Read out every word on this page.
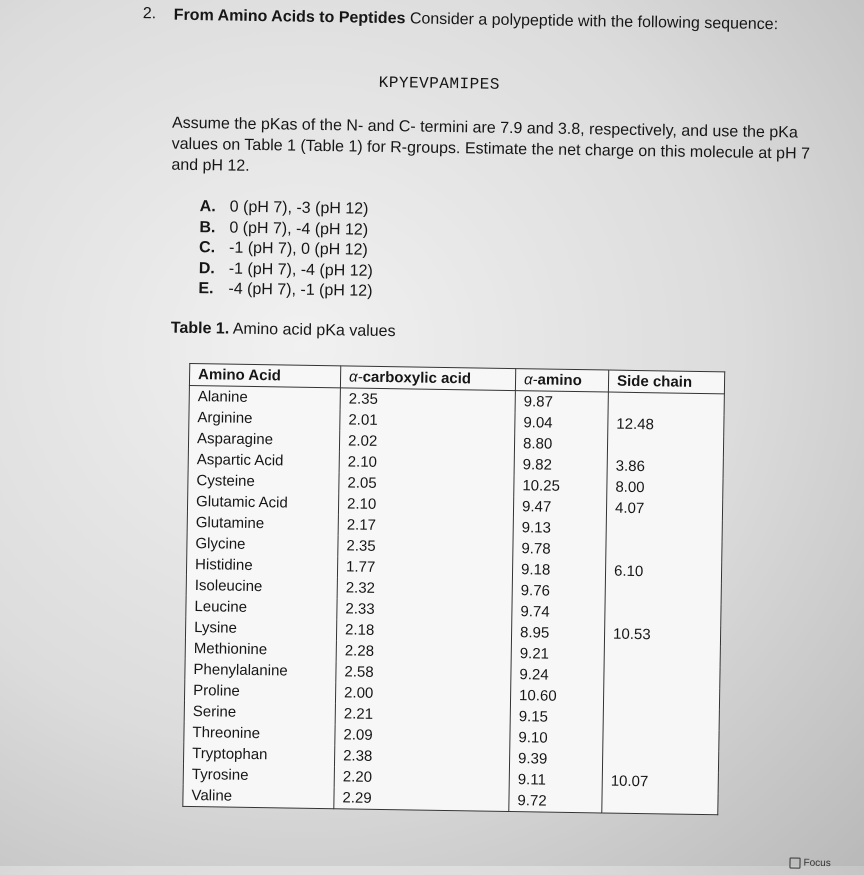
2. From Amino Acids to Peptides Consider a polypeptide with the following sequence:
KPYEVPAMIPES
Assume the pKas of the N- and C- termini are 7.9 and 3.8, respectively, and use the pKa values on Table 1 (Table 1) for R-groups. Estimate the net charge on this molecule at pH 7 and pH 12.
A. 0 (pH 7), -3 (pH 12)
B. 0 (pH 7), -4 (pH 12)
C. -1 (pH 7), 0 (pH 12)
D. -1 (pH 7), -4 (pH 12)
E. -4 (pH 7), -1 (pH 12)
Table 1. Amino acid pKa values
Amino Acid	α-carboxylic acid	α-amino	Side chain
Alanine	2.35	9.87	
Arginine	2.01	9.04	12.48
Asparagine	2.02	8.80	
Aspartic Acid	2.10	9.82	3.86
Cysteine	2.05	10.25	8.00
Glutamic Acid	2.10	9.47	4.07
Glutamine	2.17	9.13	
Glycine	2.35	9.78	
Histidine	1.77	9.18	6.10
Isoleucine	2.32	9.76	
Leucine	2.33	9.74	
Lysine	2.18	8.95	10.53
Methionine	2.28	9.21	
Phenylalanine	2.58	9.24	
Proline	2.00	10.60	
Serine	2.21	9.15	
Threonine	2.09	9.10	
Tryptophan	2.38	9.39	
Tyrosine	2.20	9.11	10.07
Valine	2.29	9.72	
Focus
